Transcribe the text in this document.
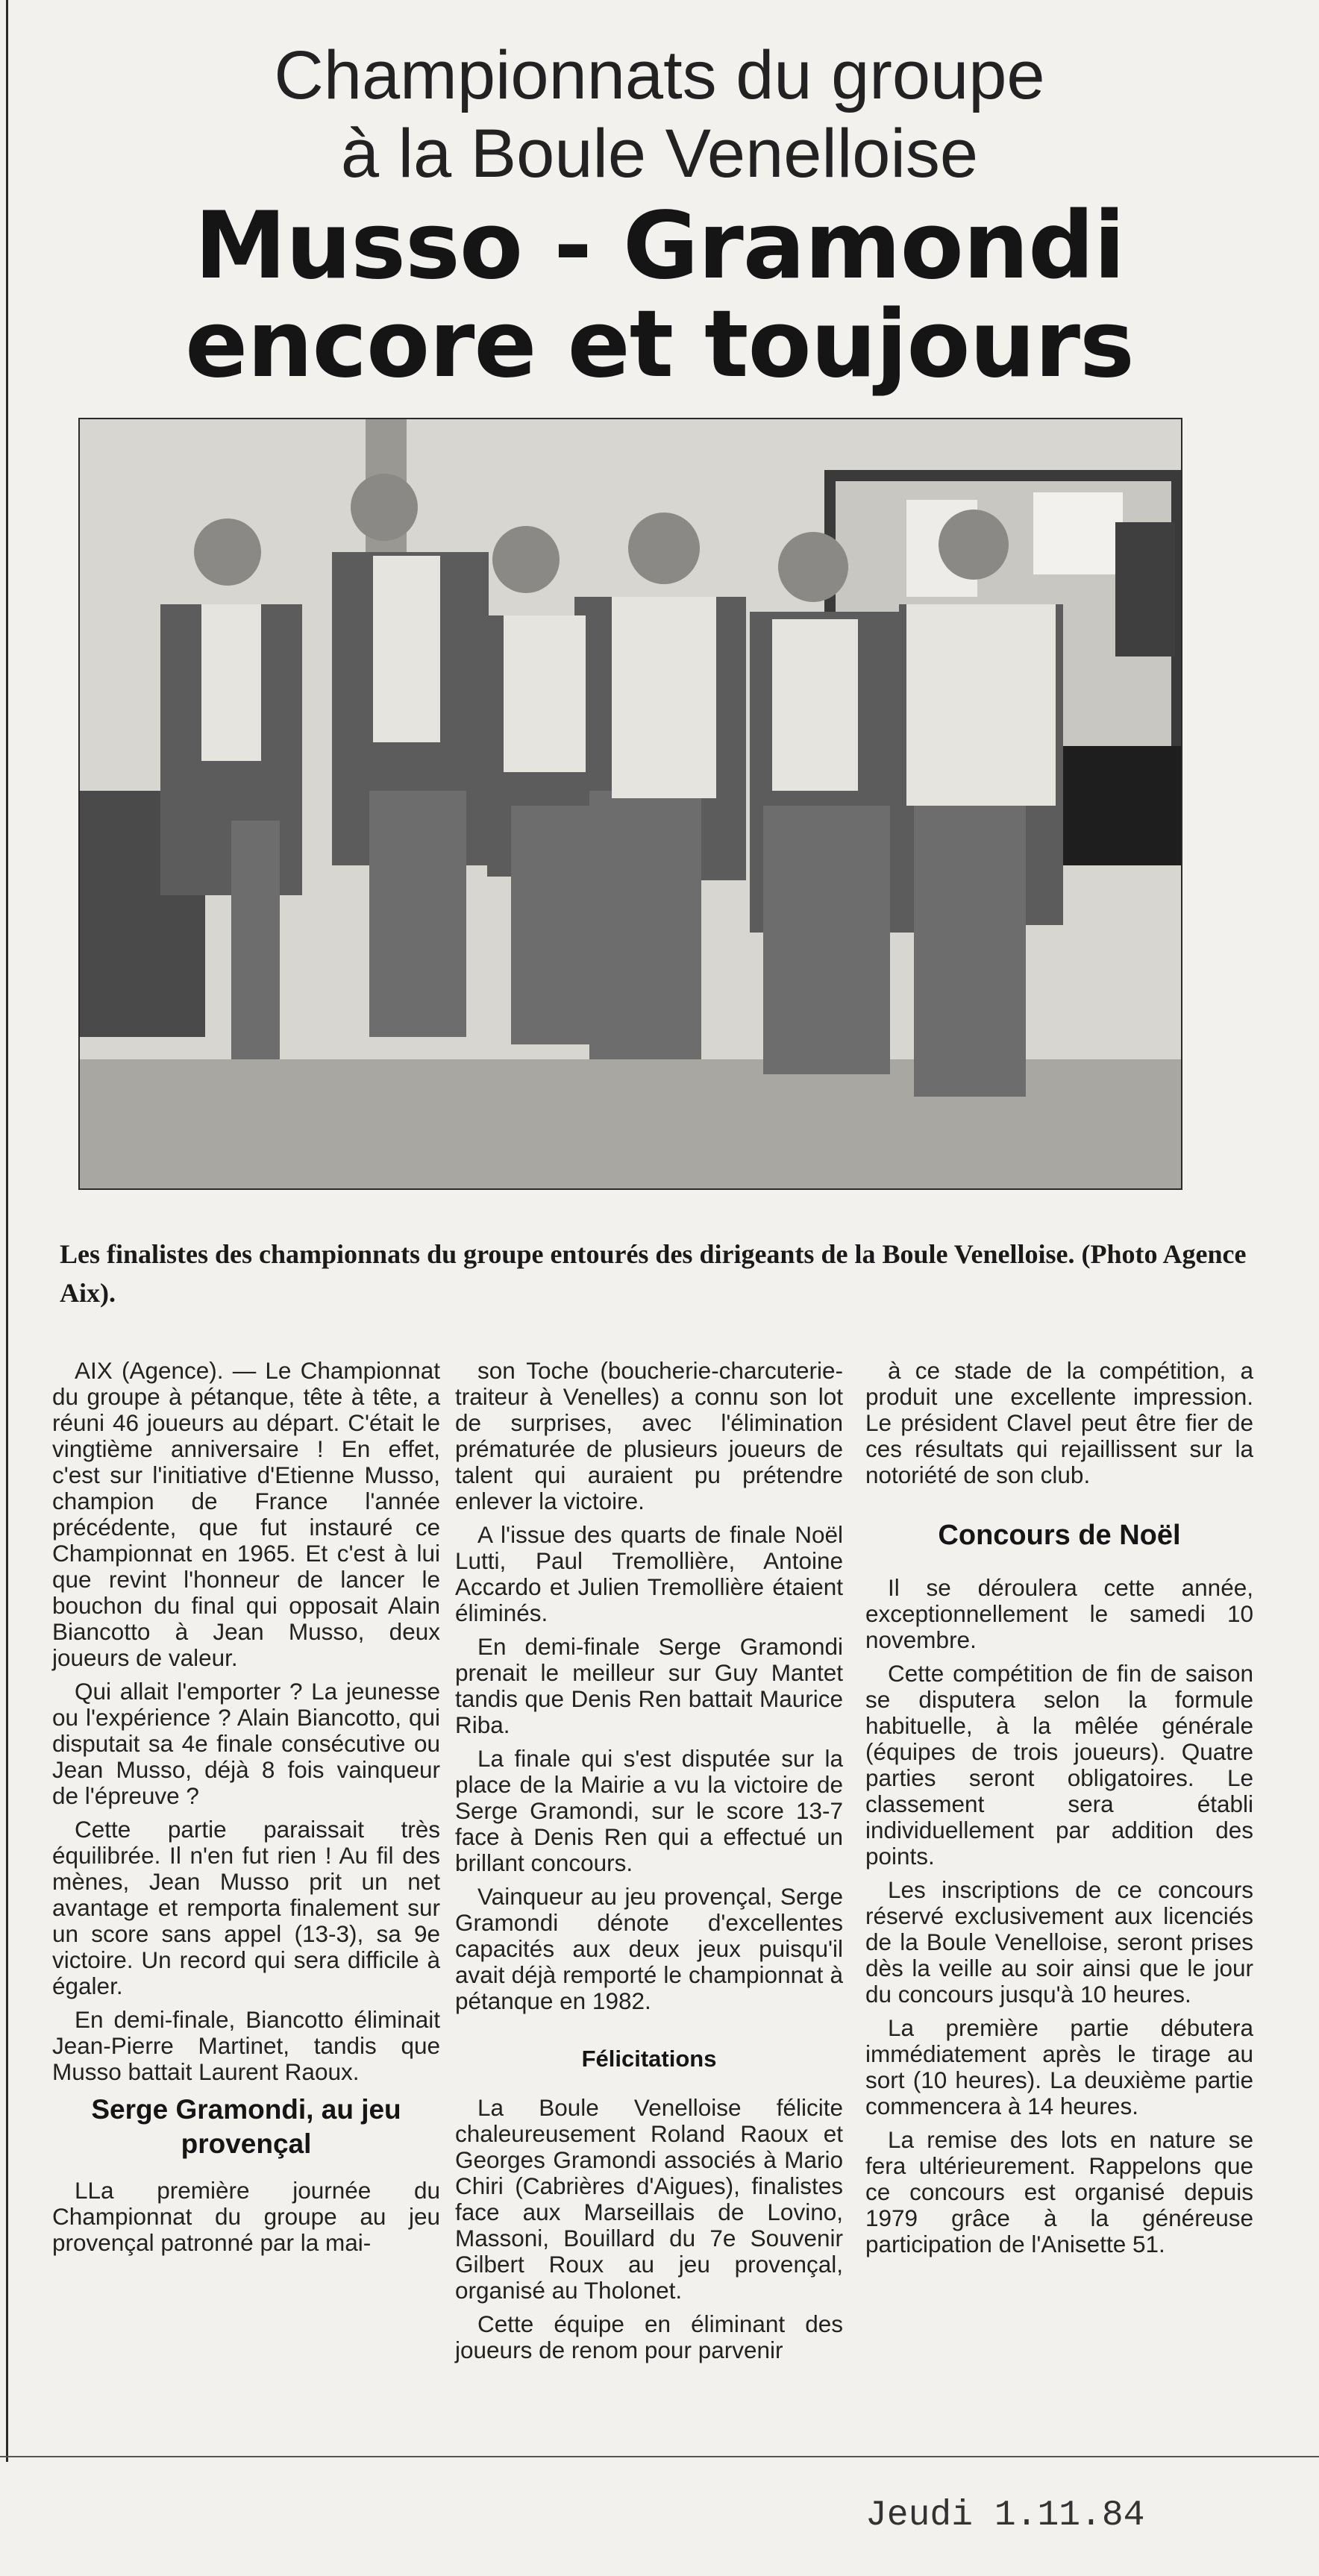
Championnats du groupe
à la Boule Venelloise
Musso - Gramondi
encore et toujours

Les finalistes des championnats du groupe entourés des dirigeants de la Boule Venelloise. (Photo Agence Aix).

AIX (Agence). — Le Championnat du groupe à pétanque, tête à tête, a réuni 46 joueurs au départ. C'était le vingtième anniversaire ! En effet, c'est sur l'initiative d'Etienne Musso, champion de France l'année précédente, que fut instauré ce Championnat en 1965. Et c'est à lui que revint l'honneur de lancer le bouchon du final qui opposait Alain Biancotto à Jean Musso, deux joueurs de valeur.

Qui allait l'emporter ? La jeunesse ou l'expérience ? Alain Biancotto, qui disputait sa 4e finale consécutive ou Jean Musso, déjà 8 fois vainqueur de l'épreuve ?

Cette partie paraissait très équilibrée. Il n'en fut rien ! Au fil des mènes, Jean Musso prit un net avantage et remporta finalement sur un score sans appel (13-3), sa 9e victoire. Un record qui sera difficile à égaler.

En demi-finale, Biancotto éliminait Jean-Pierre Martinet, tandis que Musso battait Laurent Raoux.

Serge Gramondi, au jeu provençal

LLa première journée du Championnat du groupe au jeu provençal patronné par la mai-

son Toche (boucherie-charcuterie-traiteur à Venelles) a connu son lot de surprises, avec l'élimination prématurée de plusieurs joueurs de talent qui auraient pu prétendre enlever la victoire.

A l'issue des quarts de finale Noël Lutti, Paul Tremollière, Antoine Accardo et Julien Tremollière étaient éliminés.

En demi-finale Serge Gramondi prenait le meilleur sur Guy Mantet tandis que Denis Ren battait Maurice Riba.

La finale qui s'est disputée sur la place de la Mairie a vu la victoire de Serge Gramondi, sur le score 13-7 face à Denis Ren qui a effectué un brillant concours.

Vainqueur au jeu provençal, Serge Gramondi dénote d'excellentes capacités aux deux jeux puisqu'il avait déjà remporté le championnat à pétanque en 1982.

Félicitations

La Boule Venelloise félicite chaleureusement Roland Raoux et Georges Gramondi associés à Mario Chiri (Cabrières d'Aigues), finalistes face aux Marseillais de Lovino, Massoni, Bouillard du 7e Souvenir Gilbert Roux au jeu provençal, organisé au Tholonet.

Cette équipe en éliminant des joueurs de renom pour parvenir

à ce stade de la compétition, a produit une excellente impression. Le président Clavel peut être fier de ces résultats qui rejaillissent sur la notoriété de son club.

Concours de Noël

Il se déroulera cette année, exceptionnellement le samedi 10 novembre.

Cette compétition de fin de saison se disputera selon la formule habituelle, à la mêlée générale (équipes de trois joueurs). Quatre parties seront obligatoires. Le classement sera établi individuellement par addition des points.

Les inscriptions de ce concours réservé exclusivement aux licenciés de la Boule Venelloise, seront prises dès la veille au soir ainsi que le jour du concours jusqu'à 10 heures.

La première partie débutera immédiatement après le tirage au sort (10 heures). La deuxième partie commencera à 14 heures.

La remise des lots en nature se fera ultérieurement. Rappelons que ce concours est organisé depuis 1979 grâce à la généreuse participation de l'Anisette 51.

Jeudi 1.11.84
